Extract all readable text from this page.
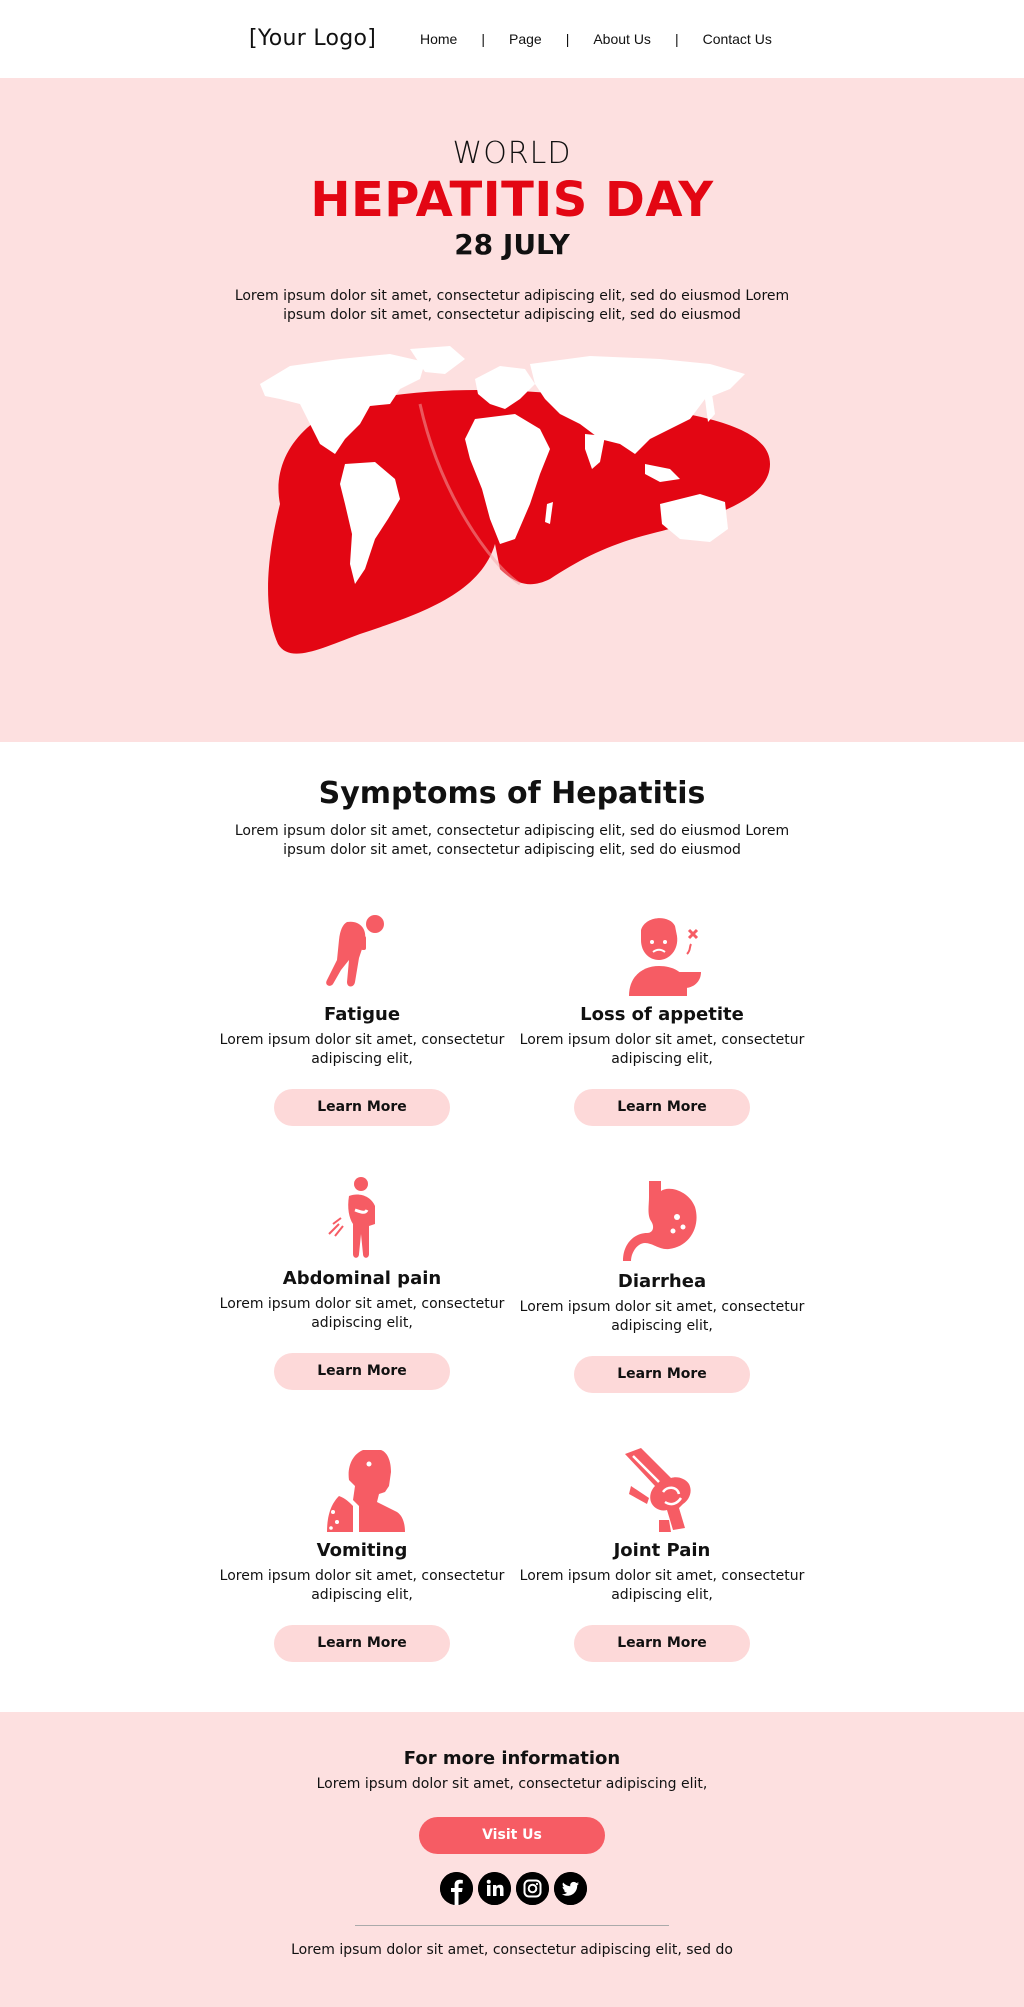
[Your Logo]	Home | Page | About Us | Contact Us
WORLD
HEPATITIS DAY
28 JULY
Lorem ipsum dolor sit amet, consectetur adipiscing elit, sed do eiusmod Lorem ipsum dolor sit amet, consectetur adipiscing elit, sed do eiusmod
Symptoms of Hepatitis
Lorem ipsum dolor sit amet, consectetur adipiscing elit, sed do eiusmod Lorem ipsum dolor sit amet, consectetur adipiscing elit, sed do eiusmod
Fatigue
Lorem ipsum dolor sit amet, consectetur adipiscing elit,
Learn More
Loss of appetite
Lorem ipsum dolor sit amet, consectetur adipiscing elit,
Learn More
Abdominal pain
Lorem ipsum dolor sit amet, consectetur adipiscing elit,
Learn More
Diarrhea
Lorem ipsum dolor sit amet, consectetur adipiscing elit,
Learn More
Vomiting
Lorem ipsum dolor sit amet, consectetur adipiscing elit,
Learn More
Joint Pain
Lorem ipsum dolor sit amet, consectetur adipiscing elit,
Learn More
For more information
Lorem ipsum dolor sit amet, consectetur adipiscing elit,
Visit Us
Lorem ipsum dolor sit amet, consectetur adipiscing elit, sed do
